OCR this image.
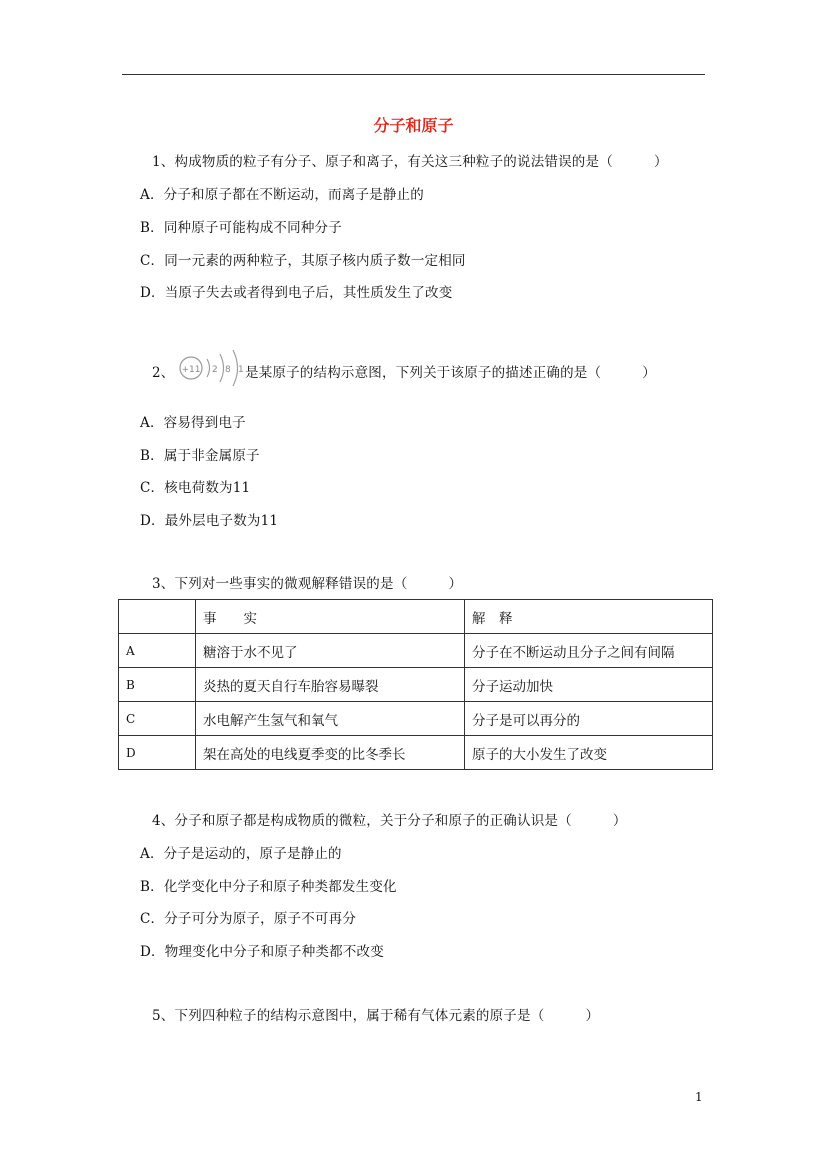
分子和原子
1、构成物质的粒子有分子、原子和离子，有关这三种粒子的说法错误的是（　　　）
A．分子和原子都在不断运动，而离子是静止的
B．同种原子可能构成不同种分子
C．同一元素的两种粒子，其原子核内质子数一定相同
D．当原子失去或者得到电子后，其性质发生了改变
2、 +11 2 8 1 是某原子的结构示意图，下列关于该原子的描述正确的是（　　　）
A．容易得到电子
B．属于非金属原子
C．核电荷数为11
D．最外层电子数为11
3、下列对一些事实的微观解释错误的是（　　　）
	事　　实	解　释
A	糖溶于水不见了	分子在不断运动且分子之间有间隔
B	炎热的夏天自行车胎容易曝裂	分子运动加快
C	水电解产生氢气和氧气	分子是可以再分的
D	架在高处的电线夏季变的比冬季长	原子的大小发生了改变
4、分子和原子都是构成物质的微粒，关于分子和原子的正确认识是（　　　）
A．分子是运动的，原子是静止的
B．化学变化中分子和原子种类都发生变化
C．分子可分为原子，原子不可再分
D．物理变化中分子和原子种类都不改变
5、下列四种粒子的结构示意图中，属于稀有气体元素的原子是（　　　）
1
